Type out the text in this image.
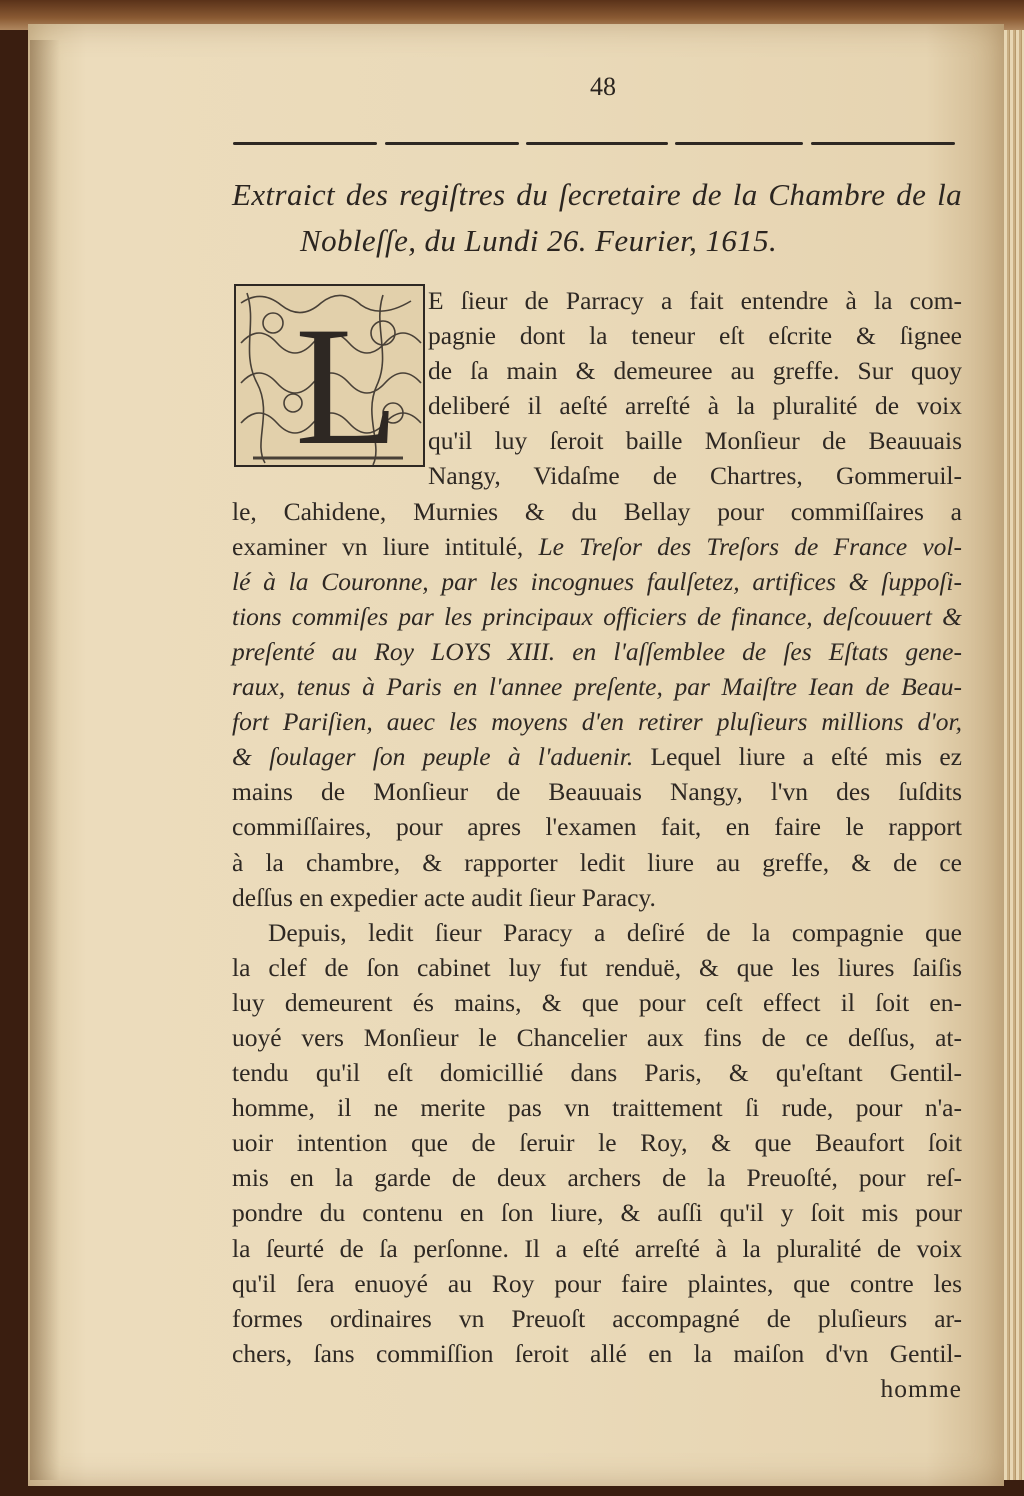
48
Extraict des regiſtres du ſecretaire de la Chambre de la
Nobleſſe, du Lundi 26. Feurier, 1615.
L	E ſieur de Parracy a fait entendre à la com-
pagnie dont la teneur eſt eſcrite & ſignee
de ſa main & demeuree au greffe. Sur quoy
deliberé il aeſté arreſté à la pluralité de voix
qu'il luy ſeroit baille Monſieur de Beauuais
Nangy, Vidaſme de Chartres, Gommeruil-
le, Cahidene, Murnies & du Bellay pour commiſſaires a
examiner vn liure intitulé, Le Treſor des Treſors de France vol-
lé à la Couronne, par les incognues faulſetez, artifices & ſuppoſi-
tions commiſes par les principaux officiers de finance, deſcouuert &
preſenté au Roy LOYS XIII. en l'aſſemblee de ſes Eſtats gene-
raux, tenus à Paris en l'annee preſente, par Maiſtre Iean de Beau-
fort Pariſien, auec les moyens d'en retirer pluſieurs millions d'or,
& ſoulager ſon peuple à l'aduenir. Lequel liure a eſté mis ez
mains de Monſieur de Beauuais Nangy, l'vn des ſuſdits
commiſſaires, pour apres l'examen fait, en faire le rapport
à la chambre, & rapporter ledit liure au greffe, & de ce
deſſus en expedier acte audit ſieur Paracy.
Depuis, ledit ſieur Paracy a deſiré de la compagnie que
la clef de ſon cabinet luy fut renduë, & que les liures ſaiſis
luy demeurent és mains, & que pour ceſt effect il ſoit en-
uoyé vers Monſieur le Chancelier aux fins de ce deſſus, at-
tendu qu'il eſt domicillié dans Paris, & qu'eſtant Gentil-
homme, il ne merite pas vn traittement ſi rude, pour n'a-
uoir intention que de ſeruir le Roy, & que Beaufort ſoit
mis en la garde de deux archers de la Preuoſté, pour reſ-
pondre du contenu en ſon liure, & auſſi qu'il y ſoit mis pour
la ſeurté de ſa perſonne. Il a eſté arreſté à la pluralité de voix
qu'il ſera enuoyé au Roy pour faire plaintes, que contre les
formes ordinaires vn Preuoſt accompagné de pluſieurs ar-
chers, ſans commiſſion ſeroit allé en la maiſon d'vn Gentil-
homme
